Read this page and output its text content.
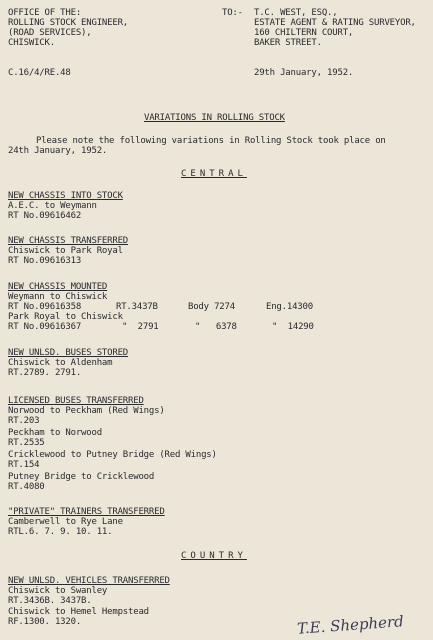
OFFICE OF THE:
ROLLING STOCK ENGINEER,
(ROAD SERVICES),
CHISWICK.
TO:- T.C. WEST, ESQ.,
ESTATE AGENT & RATING SURVEYOR,
160 CHILTERN COURT,
BAKER STREET.
C.16/4/RE.48	29th January, 1952.
VARIATIONS IN ROLLING STOCK
Please note the following variations in Rolling Stock took place on
24th January, 1952.
CENTRAL
NEW CHASSIS INTO STOCK
A.E.C. to Weymann
RT No.09616462
NEW CHASSIS TRANSFERRED
Chiswick to Park Royal
RT No.09616313
NEW CHASSIS MOUNTED
Weymann to Chiswick
RT No.09616358	RT.3437B	Body 7274	Eng.14300
Park Royal to Chiswick
RT No.09616367	"  2791	"   6378	"  14290
NEW UNLSD. BUSES STORED
Chiswick to Aldenham
RT.2789. 2791.
LICENSED BUSES TRANSFERRED
Norwood to Peckham (Red Wings)
RT.203
Peckham to Norwood
RT.2535
Cricklewood to Putney Bridge (Red Wings)
RT.154
Putney Bridge to Cricklewood
RT.4080
"PRIVATE" TRAINERS TRANSFERRED
Camberwell to Rye Lane
RTL.6. 7. 9. 10. 11.
COUNTRY
NEW UNLSD. VEHICLES TRANSFERRED
Chiswick to Swanley
RT.3436B. 3437B.
Chiswick to Hemel Hempstead
RF.1300. 1320.	T.E. Shepherd
